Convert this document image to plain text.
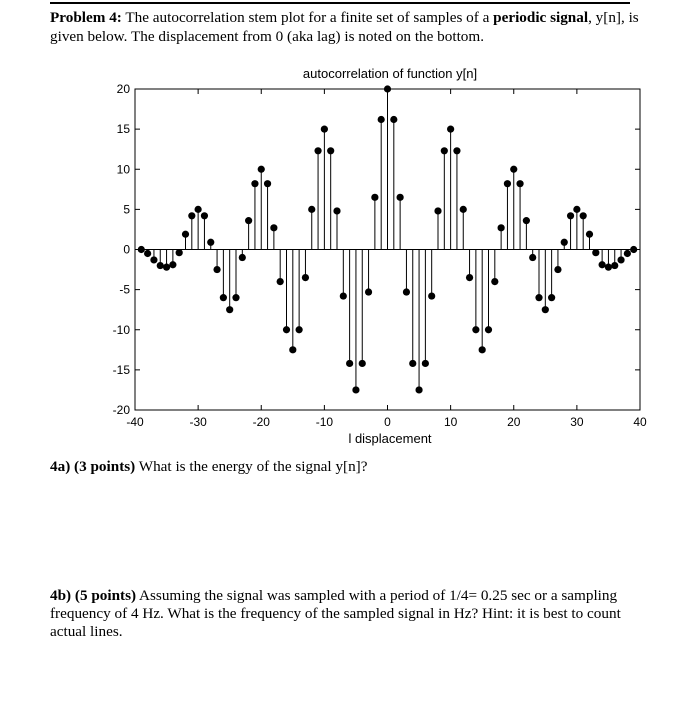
Problem 4: The autocorrelation stem plot for a finite set of samples of a periodic signal, y[n], is given below. The displacement from 0 (aka lag) is noted on the bottom.
-40	-30	-20	-10	0	10	20	30	40
20
15
10
5
0
-5
-10
-15
-20
autocorrelation of function y[n]
l displacement
4a) (3 points) What is the energy of the signal y[n]?
4b) (5 points) Assuming the signal was sampled with a period of 1/4= 0.25 sec or a sampling frequency of 4 Hz. What is the frequency of the sampled signal in Hz? Hint: it is best to count actual lines.
